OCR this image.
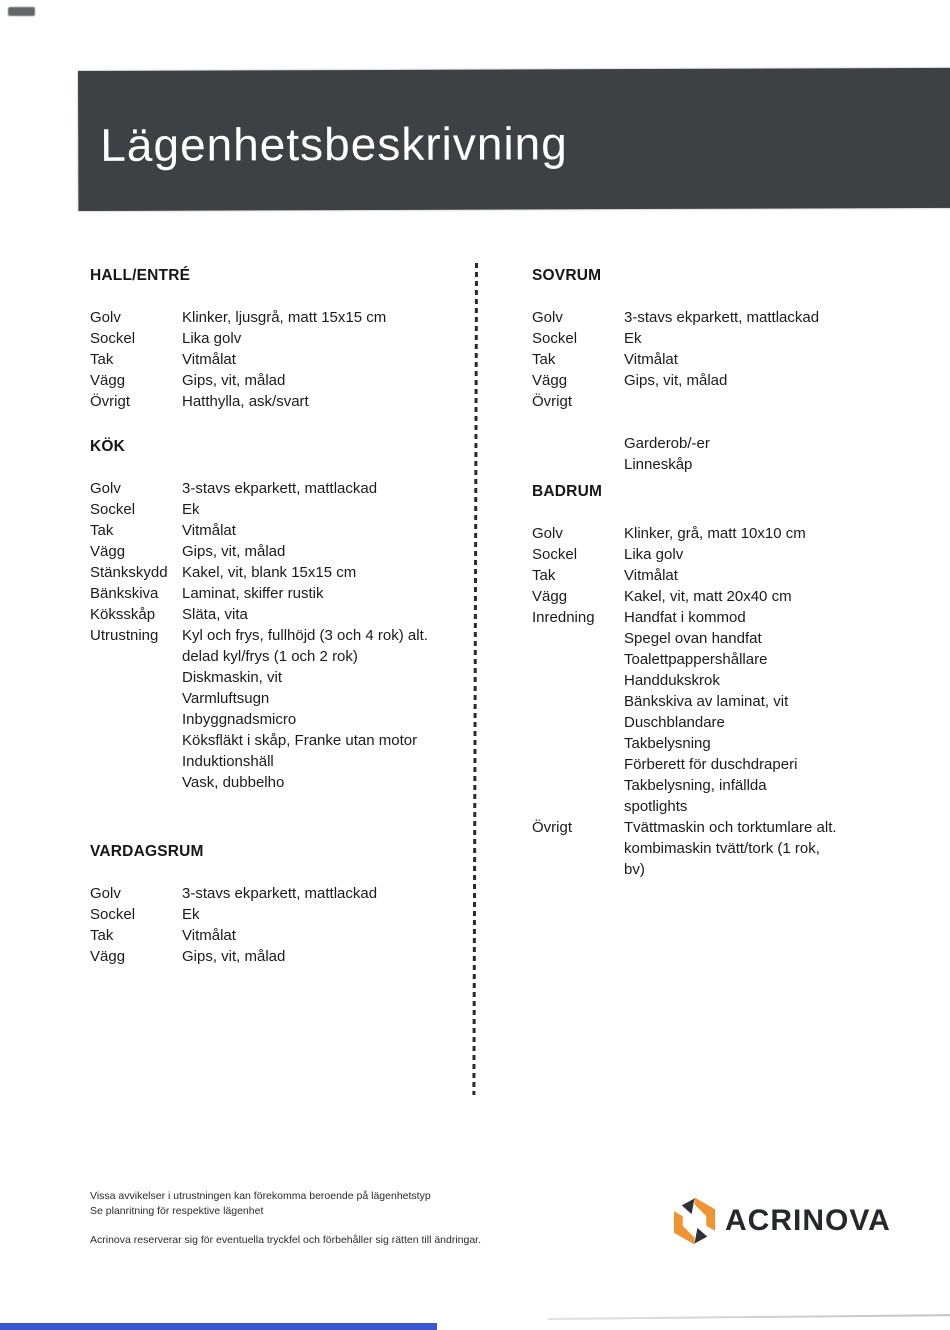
Lägenhetsbeskrivning
HALL/ENTRÉ
Golv	Klinker, ljusgrå, matt 15x15 cm
Sockel	Lika golv
Tak	Vitmålat
Vägg	Gips, vit, målad
Övrigt	Hatthylla, ask/svart
KÖK
Golv	3-stavs ekparkett, mattlackad
Sockel	Ek
Tak	Vitmålat
Vägg	Gips, vit, målad
Stänkskydd Kakel, vit, blank 15x15 cm
Bänkskiva	Laminat, skiffer rustik
Köksskåp	Släta, vita
Utrustning	Kyl och frys, fullhöjd (3 och 4 rok) alt.
delad kyl/frys (1 och 2 rok)
Diskmaskin, vit
Varmluftsugn
Inbyggnadsmicro
Köksfläkt i skåp, Franke utan motor
Induktionshäll
Vask, dubbelho
VARDAGSRUM
Golv	3-stavs ekparkett, mattlackad
Sockel	Ek
Tak	Vitmålat
Vägg	Gips, vit, målad
SOVRUM
Golv	3-stavs ekparkett, mattlackad
Sockel	Ek
Tak	Vitmålat
Vägg	Gips, vit, målad
Övrigt

Garderob/-er
Linneskåp
BADRUM
Golv	Klinker, grå, matt 10x10 cm
Sockel	Lika golv
Tak	Vitmålat
Vägg	Kakel, vit, matt 20x40 cm
Inredning	Handfat i kommod
Spegel ovan handfat
Toalettpappershållare
Handdukskrok
Bänkskiva av laminat, vit
Duschblandare
Takbelysning
Förberett för duschdraperi
Takbelysning, infällda
spotlights
Övrigt	Tvättmaskin och torktumlare alt.
kombimaskin tvätt/tork (1 rok,
bv)
Vissa avvikelser i utrustningen kan förekomma beroende på lägenhetstyp
Se planritning för respektive lägenhet
Acrinova reserverar sig för eventuella tryckfel och förbehåller sig rätten till ändringar.
ACRINOVA
